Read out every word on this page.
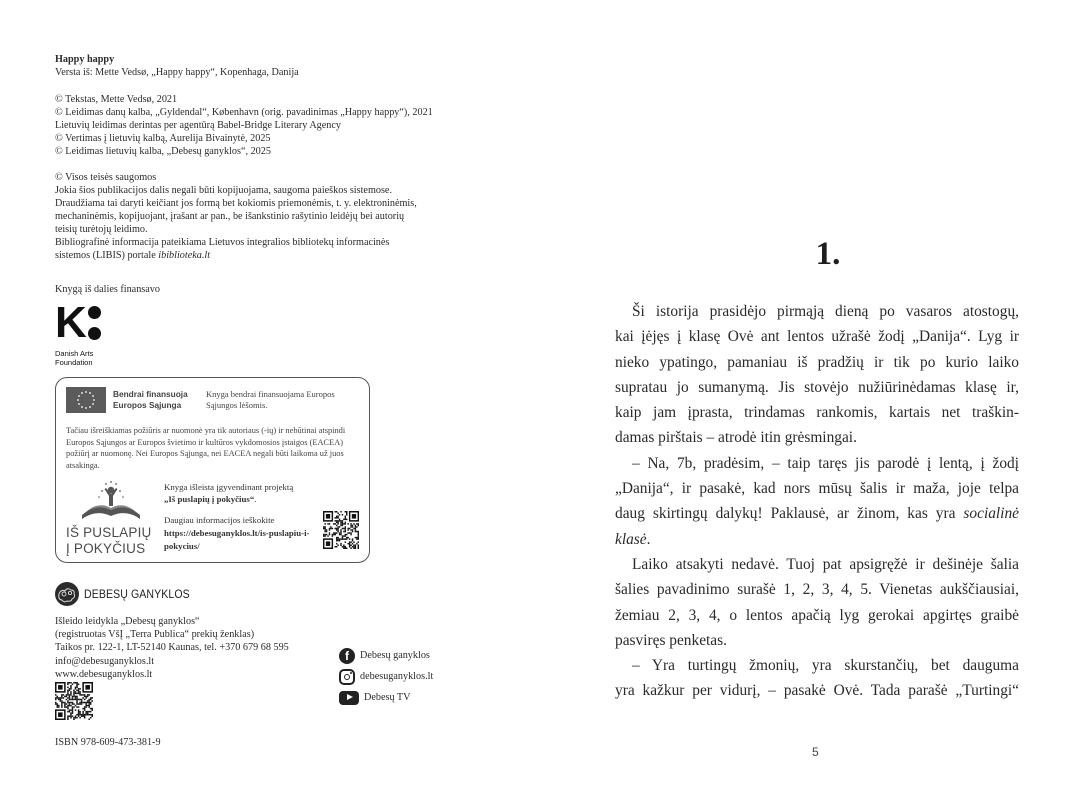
Happy happy
Versta iš: Mette Vedsø, „Happy happy“, Kopenhaga, Danija
© Tekstas, Mette Vedsø, 2021
© Leidimas danų kalba, „Gyldendal“, København (orig. pavadinimas „Happy happy“), 2021
Lietuvių leidimas derintas per agentūrą Babel-Bridge Literary Agency
© Vertimas į lietuvių kalbą, Aurelija Bivainytė, 2025
© Leidimas lietuvių kalba, „Debesų ganyklos“, 2025
© Visos teisės saugomos
Jokia šios publikacijos dalis negali būti kopijuojama, saugoma paieškos sistemose.
Draudžiama tai daryti keičiant jos formą bet kokiomis priemonėmis, t. y. elektroninėmis,
mechaninėmis, kopijuojant, įrašant ar pan., be išankstinio rašytinio leidėjų bei autorių
teisių turėtojų leidimo.
Bibliografinė informacija pateikiama Lietuvos integralios bibliotekų informacinės
sistemos (LIBIS) portale ibiblioteka.lt
Knygą iš dalies finansavo
K
Danish Arts
Foundation
Bendrai finansuoja
Europos Sąjunga
Knyga bendrai finansuojama Europos Sąjungos lėšomis.
Tačiau išreiškiamas požiūris ar nuomonė yra tik autoriaus (-ių) ir nebūtinai atspindi Europos Sąjungos ar Europos švietimo ir kultūros vykdomosios įstaigos (EACEA) požiūrį ar nuomonę. Nei Europos Sąjunga, nei EACEA negali būti laikoma už juos atsakinga.
IŠ PUSLAPIŲ
Į POKYČIUS
Knyga išleista įgyvendinant projektą
„Iš puslapių į pokyčius“.
Daugiau informacijos ieškokite
https://debesuganyklos.lt/is-puslapiu-i-pokycius/
DEBESŲ GANYKLOS
Išleido leidykla „Debesų ganyklos“
(registruotas VšĮ „Terra Publica“ prekių ženklas)
Taikos pr. 122-1, LT-52140 Kaunas, tel. +370 679 68 595
info@debesuganyklos.lt
www.debesuganyklos.lt
f	Debesų ganyklos
debesuganyklos.lt
Debesų TV
ISBN 978-609-473-381-9
1.

Ši istorija prasidėjo pirmąją dieną po vasaros atostogų,
kai įėjęs į klasę Ovė ant lentos užrašė žodį „Danija“. Lyg ir
nieko ypatingo, pamaniau iš pradžių ir tik po kurio laiko
supratau jo sumanymą. Jis stovėjo nužiūrinėdamas klasę ir,
kaip jam įprasta, trindamas rankomis, kartais net traškin-
damas pirštais – atrodė itin grėsmingai.

– Na, 7b, pradėsim, – taip taręs jis parodė į lentą, į žodį
„Danija“, ir pasakė, kad nors mūsų šalis ir maža, joje telpa
daug skirtingų dalykų! Paklausė, ar žinom, kas yra socialinė
klasė.

Laiko atsakyti nedavė. Tuoj pat apsigręžė ir dešinėje šalia
šalies pavadinimo surašė 1, 2, 3, 4, 5. Vienetas aukščiausiai,
žemiau 2, 3, 4, o lentos apačią lyg gerokai apgirtęs graibė
pasviręs penketas.

– Yra turtingų žmonių, yra skurstančių, bet dauguma
yra kažkur per vidurį, – pasakė Ovė. Tada parašė „Turtingi“

5
